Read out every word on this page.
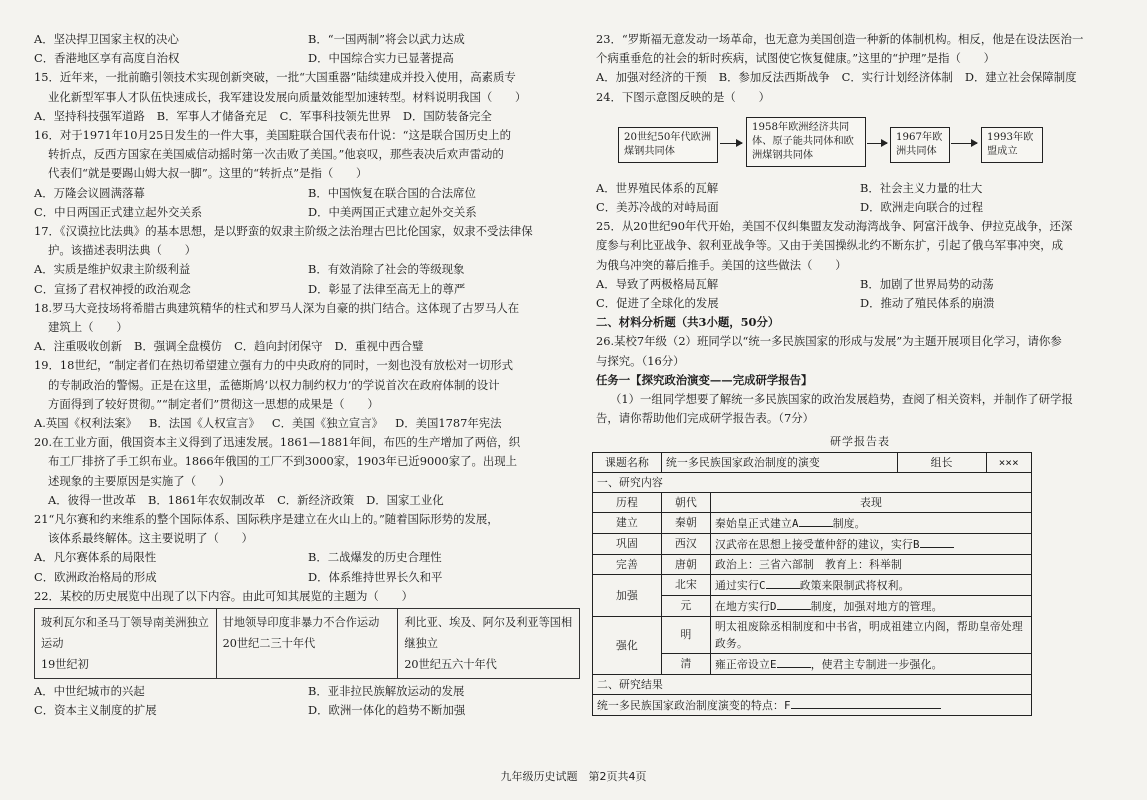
A．坚决捍卫国家主权的决心	B．“一国两制”将会以武力达成
C．香港地区享有高度自治权	D．中国综合实力已显著提高
15．近年来，一批前瞻引领技术实现创新突破，一批“大国重器”陆续建成并投入使用，高素质专
业化新型军事人才队伍快速成长，我军建设发展向质量效能型加速转型。材料说明我国（　　）
A．坚持科技强军道路 B．军事人才储备充足 C．军事科技领先世界 D．国防装备完全
16．对于1971年10月25日发生的一件大事，美国駐联合国代表布什说：“这是联合国历史上的
转折点，反西方国家在美国威信动摇时第一次击败了美国。”他哀叹，那些表决后欢声雷动的
代表们“就是要踢山姆大叔一脚”。这里的“转折点”是指（　　）
A．万隆会议圆满落幕	B．中国恢复在联合国的合法席位
C．中日两国正式建立起外交关系	D．中美两国正式建立起外交关系
17．《汉谟拉比法典》的基本思想，是以野蛮的奴隶主阶级之法治理古巴比伦国家，奴隶不受法律保
护。该描述表明法典（　　）
A．实质是维护奴隶主阶级利益	B．有效消除了社会的等级现象
C．宣扬了君权神授的政治观念	D．彰显了法律至高无上的尊严
18.罗马大竞技场将希腊古典建筑精华的柱式和罗马人深为自豪的拱门结合。这体现了古罗马人在
建筑上（　　）
A．注重吸收创新 B．强调全盘模仿 C．趋向封闭保守 D．重视中西合璧
19．18世纪，“制定者们在热切希望建立强有力的中央政府的同时，一刻也没有放松对一切形式
的专制政治的警惕。正是在这里，孟德斯鸠‘以权力制约权力’的学说首次在政府体制的设计
方面得到了较好贯彻。”“制定者们”贯彻这一思想的成果是（　　）
A.英国《权利法案》 B．法国《人权宣言》 C．美国《独立宣言》 D．美国1787年宪法
20.在工业方面，俄国资本主义得到了迅速发展。1861—1881年间，布匹的生产增加了两倍，织
布工厂排挤了手工织布业。1866年俄国的工厂不到3000家，1903年已近9000家了。出现上
述现象的主要原因是实施了（　　）
A．彼得一世改革 B．1861年农奴制改革 C．新经济政策 D．国家工业化
21“凡尔赛和约来维系的整个国际体系、国际秩序是建立在火山上的。”随着国际形势的发展，
该体系最终解体。这主要说明了（　　）
A．凡尔赛体系的局限性	B．二战爆发的历史合理性
C．欧洲政治格局的形成	D．体系维持世界长久和平
22．某校的历史展览中出现了以下内容。由此可知其展览的主题为（　　）
玻利瓦尔和圣马丁领导南美洲独立运动
19世纪初

甘地领导印度非暴力不合作运动
20世纪二三十年代

利比亚、埃及、阿尔及利亚等国相继独立
20世纪五六十年代
A．中世纪城市的兴起	B．亚非拉民族解放运动的发展
C．资本主义制度的扩展	D．欧洲一体化的趋势不断加强
23．“罗斯福无意发动一场革命，也无意为美国创造一种新的体制机构。相反，他是在设法医治一
个病重垂危的社会的斩时疾病，试图使它恢复健康。”这里的“护理”是指（　　）
A．加强对经济的干预 B．参加反法西斯战争 C．实行计划经济体制 D．建立社会保障制度
24．下图示意图反映的是（　　）
20世纪50年代欧洲煤钢共同体
1958年欧洲经济共同体、原子能共同体和欧洲煤钢共同体
1967年欧洲共同体
1993年欧盟成立
A．世界殖民体系的瓦解	B．社会主义力量的壮大
C．美苏冷战的对峙局面	D．欧洲走向联合的过程
25．从20世纪90年代开始，美国不仅纠集盟友发动海湾战争、阿富汗战争、伊拉克战争，还深
度参与利比亚战争、叙利亚战争等。又由于美国操纵北约不断东扩，引起了俄乌军事冲突，成
为俄乌冲突的幕后推手。美国的这些做法（　　）
A．导致了两极格局瓦解	B．加剧了世界局势的动荡
C．促进了全球化的发展	D．推动了殖民体系的崩溃
二、材料分析题（共3小题，50分）
26.某校7年级（2）班同学以“统一多民族国家的形成与发展”为主题开展项目化学习，请你参
与探究。（16分）
任务一【探究政治演变——完成研学报告】
（1）一组同学想要了解统一多民族国家的政治发展趋势，查阅了相关资料，并制作了研学报
告，请你帮助他们完成研学报告表。（7分）
研学报告表
课题名称	统一多民族国家政治制度的演变		组长	×××
一、研究内容				
历程	朝代	表现		
建立	秦朝	秦始皇正式建立A 制度。		
巩固	西汉	汉武帝在思想上接受董仲舒的建议，实行B		
完善	唐朝	政治上：三省六部制　教育上：科举制		
加强	北宋	通过实行C 政策来限制武将权利。		
	元	在地方实行D 制度，加强对地方的管理。		
强化	明	明太祖废除丞相制度和中书省，明成祖建立内阁，帮助皇帝处理政务。		
	清	雍正帝设立E ，使君主专制进一步强化。		
二、研究结果				
统一多民族国家政治制度演变的特点：F				
九年级历史试题　第2页共4页
